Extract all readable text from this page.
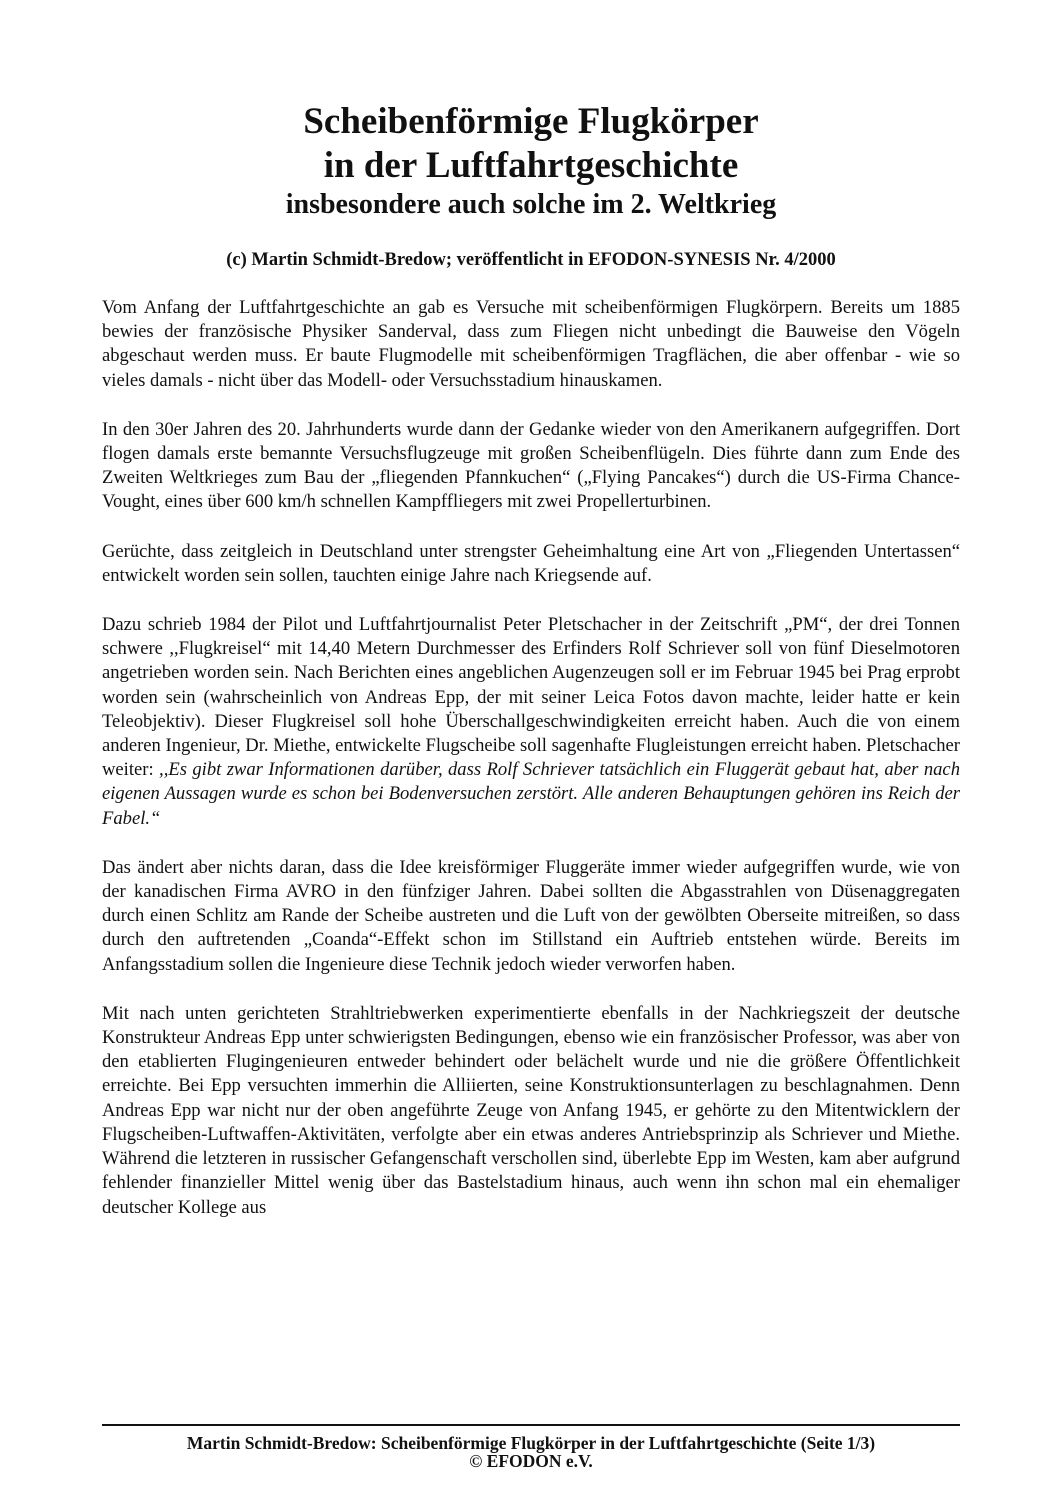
Scheibenförmige Flugkörper
in der Luftfahrtgeschichte
insbesondere auch solche im 2. Weltkrieg
(c) Martin Schmidt-Bredow; veröffentlicht in EFODON-SYNESIS Nr. 4/2000

Vom Anfang der Luftfahrtgeschichte an gab es Versuche mit scheibenförmigen Flugkörpern. Bereits um 1885 bewies der französische Physiker Sanderval, dass zum Fliegen nicht unbedingt die Bauweise den Vögeln abgeschaut werden muss. Er baute Flugmodelle mit scheibenförmigen Tragflächen, die aber offenbar - wie so vieles damals - nicht über das Modell- oder Versuchsstadium hinauskamen.

In den 30er Jahren des 20. Jahrhunderts wurde dann der Gedanke wieder von den Amerikanern aufgegriffen. Dort flogen damals erste bemannte Versuchsflugzeuge mit großen Scheibenflügeln. Dies führte dann zum Ende des Zweiten Weltkrieges zum Bau der „fliegenden Pfannkuchen“ („Flying Pancakes“) durch die US-Firma Chance-Vought, eines über 600 km/h schnellen Kampffliegers mit zwei Propellerturbinen.

Gerüchte, dass zeitgleich in Deutschland unter strengster Geheimhaltung eine Art von „Fliegenden Untertassen“ entwickelt worden sein sollen, tauchten einige Jahre nach Kriegsende auf.

Dazu schrieb 1984 der Pilot und Luftfahrtjournalist Peter Pletschacher in der Zeitschrift „PM“, der drei Tonnen schwere ,,Flugkreisel“ mit 14,40 Metern Durchmesser des Erfinders Rolf Schriever soll von fünf Dieselmotoren angetrieben worden sein. Nach Berichten eines angeblichen Augenzeugen soll er im Februar 1945 bei Prag erprobt worden sein (wahrscheinlich von Andreas Epp, der mit seiner Leica Fotos davon machte, leider hatte er kein Teleobjektiv). Dieser Flugkreisel soll hohe Überschallgeschwindigkeiten erreicht haben. Auch die von einem anderen Ingenieur, Dr. Miethe, entwickelte Flugscheibe soll sagenhafte Flugleistungen erreicht haben. Pletschacher weiter: ,,Es gibt zwar Informationen darüber, dass Rolf Schriever tatsächlich ein Fluggerät gebaut hat, aber nach eigenen Aussagen wurde es schon bei Bodenversuchen zerstört. Alle anderen Behauptungen gehören ins Reich der Fabel.“

Das ändert aber nichts daran, dass die Idee kreisförmiger Fluggeräte immer wieder aufgegriffen wurde, wie von der kanadischen Firma AVRO in den fünfziger Jahren. Dabei sollten die Abgasstrahlen von Düsenaggregaten durch einen Schlitz am Rande der Scheibe austreten und die Luft von der gewölbten Oberseite mitreißen, so dass durch den auftretenden „Coanda“-Effekt schon im Stillstand ein Auftrieb entstehen würde. Bereits im Anfangsstadium sollen die Ingenieure diese Technik jedoch wieder verworfen haben.

Mit nach unten gerichteten Strahltriebwerken experimentierte ebenfalls in der Nachkriegszeit der deutsche Konstrukteur Andreas Epp unter schwierigsten Bedingungen, ebenso wie ein französischer Professor, was aber von den etablierten Flugingenieuren entweder behindert oder belächelt wurde und nie die größere Öffentlichkeit erreichte. Bei Epp versuchten immerhin die Alliierten, seine Konstruktionsunterlagen zu beschlagnahmen. Denn Andreas Epp war nicht nur der oben angeführte Zeuge von Anfang 1945, er gehörte zu den Mitentwicklern der Flugscheiben-Luftwaffen-Aktivitäten, verfolgte aber ein etwas anderes Antriebsprinzip als Schriever und Miethe. Während die letzteren in russischer Gefangenschaft verschollen sind, überlebte Epp im Westen, kam aber aufgrund fehlender finanzieller Mittel wenig über das Bastelstadium hinaus, auch wenn ihn schon mal ein ehemaliger deutscher Kollege aus

Martin Schmidt-Bredow: Scheibenförmige Flugkörper in der Luftfahrtgeschichte (Seite 1/3)
© EFODON e.V.
